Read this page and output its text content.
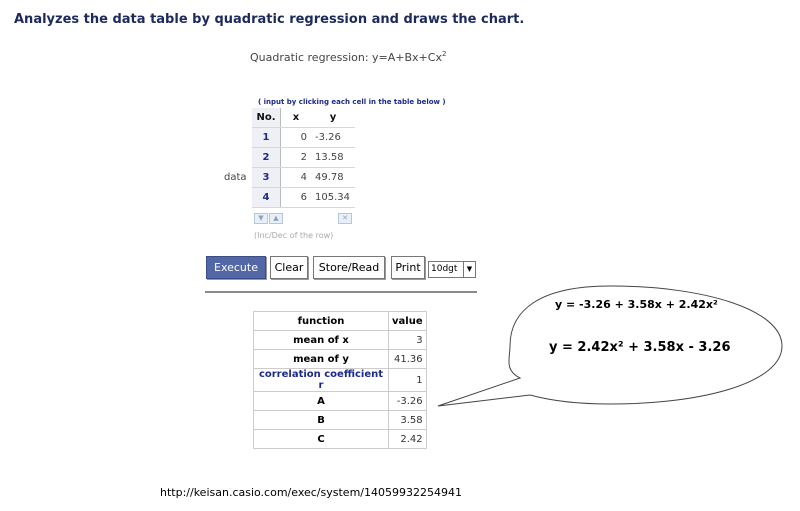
Analyzes the data table by quadratic regression and draws the chart.
Quadratic regression: $y=A+Bx+Cx^2$
( input by clicking each cell in the table below )
data
No.	x	y
1	0	-3.26
2	2	13.58
3	4	49.78
4	6	105.34
▼	▲	✕
(Inc/Dec of the row)
Execute	Clear	Store/Read	Print	10dgt	▼
function	value
mean of x	3
mean of y	41.36
correlation coefficient r	1
A	-3.26
B	3.58
C	2.42
y = -3.26 + 3.58x + 2.42x²
y = 2.42x² + 3.58x - 3.26
http://keisan.casio.com/exec/system/14059932254941
